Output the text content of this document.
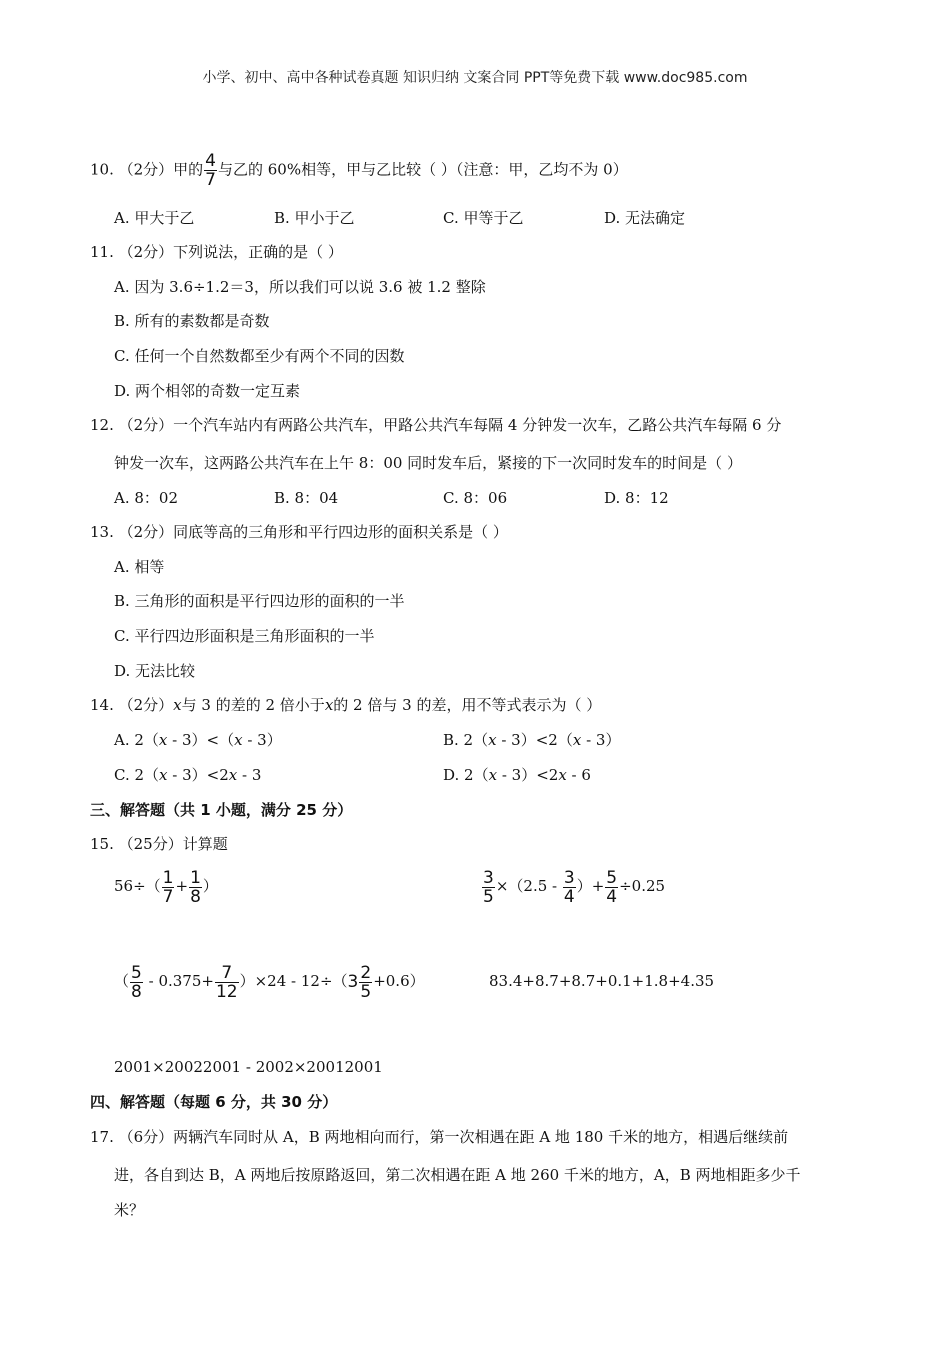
小学、初中、高中各种试卷真题 知识归纳 文案合同 PPT等免费下载 www.doc985.com
10. （2分）甲的 $\frac{4}{7}$ 与乙的 60%相等，甲与乙比较（ ）（注意：甲，乙均不为 0）
A. 甲大于乙	B. 甲小于乙	C. 甲等于乙	D. 无法确定
11. （2分）下列说法，正确的是（ ）
A. 因为 3.6÷1.2＝3，所以我们可以说 3.6 被 1.2 整除
B. 所有的素数都是奇数
C. 任何一个自然数都至少有两个不同的因数
D. 两个相邻的奇数一定互素
12. （2分）一个汽车站内有两路公共汽车，甲路公共汽车每隔 4 分钟发一次车，乙路公共汽车每隔 6 分
钟发一次车，这两路公共汽车在上午 8：00 同时发车后，紧接的下一次同时发车的时间是（ ）
A. 8：02	B. 8：04	C. 8：06	D. 8：12
13. （2分）同底等高的三角形和平行四边形的面积关系是（ ）
A. 相等
B. 三角形的面积是平行四边形的面积的一半
C. 平行四边形面积是三角形面积的一半
D. 无法比较
14. （2分）x与 3 的差的 2 倍小于x的 2 倍与 3 的差，用不等式表示为（ ）
A. 2（x - 3）<（x - 3）	B. 2（x - 3）<2（x - 3）
C. 2（x - 3）<2x - 3	D. 2（x - 3）<2x - 6
三、解答题（共 1 小题，满分 25 分）
15. （25分）计算题
$56\div( \frac{1}{7} + \frac{1}{8}$ ）	$\frac{3}{5} \times(2.5 - \frac{3}{4}$ ）+ $\frac{5}{4} \div 0.25$
（ $\frac{5}{8} - 0.375+ \frac{7}{12} )\times 24 - 12\div(3 \frac{2}{5} +0.6)$	83.4+8.7+8.7+0.1+1.8+4.35
2001×20022001 - 2002×20012001
四、解答题（每题 6 分，共 30 分）
17. （6分）两辆汽车同时从 A，B 两地相向而行，第一次相遇在距 A 地 180 千米的地方，相遇后继续前
进，各自到达 B，A 两地后按原路返回，第二次相遇在距 A 地 260 千米的地方，A，B 两地相距多少千
米？
